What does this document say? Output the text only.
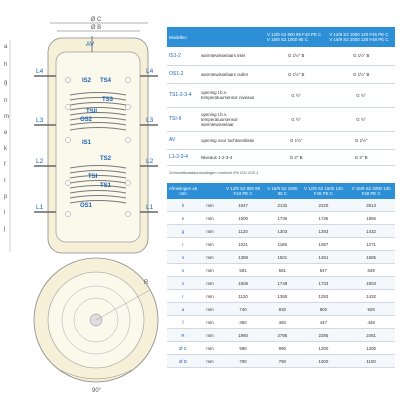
Ø C
Ø B
AV
a
h
g
n
m
e
k
f
r
p
l
j
L4
L3
L2
L1
L4
L3
L2
L1
IS2 TS4
TS3
TSII
OS2
IS1
TS2
TSI
TS1
OS1
R
90°
Modellen		V 12/8 S2 800 95 F43 PE C
V 15/9 S2 1000 95 C	V 12/8 S2 1500 120 F45 PE C
V 15/9 S2 2000 130 F48 PE C
IS1-2	warmtewisselaars inlet	G 1½" B	G 1½" B
OS1-2	warmtewisselaars outlet	G 1½" B	G 1½" B
TS1-2-3-4	opening t.b.v. temperatuursensor niveaus	G ½"	G ½"
TSI-II	opening t.b.v. temperatuursensor warmtewisselaar	G ½"	G ½"
AV	opening voor luchtventilatie	G 1½"	G 1½"
L1-2-3-4	Niveaus 1-2-3-4	G 2" B	G 2" B
Schroefdraadaansluitingen conform EN ISO 228-1
Afmetingen ±5 mm		V 12/8 S2 800 95 F43 PE C	V 15/9 S2 1000 95 C	V 12/8 S2 1500 120 F45 PE C	V 15/9 S2 2000 130 F48 PE C
h	mm	1947	2132	2220	2613
e	mm	1500	1736	1736	1866
g	mm	1120	1303	1293	1432
r	mm	1021	1186	1087	1271
n	mm	1388	1501	1481	1585
n	mm	581	561	647	649
n	mm	1508	1748	1733	1903
r	mm	1120	1360	1293	1432
a	mm	740	832	800	929
f	mm	360	460	447	448
R	mm	1960	2795	2285	2481
Ø C	mm	990	990	1200	1300
Ø D	mm	790	790	1000	1100
